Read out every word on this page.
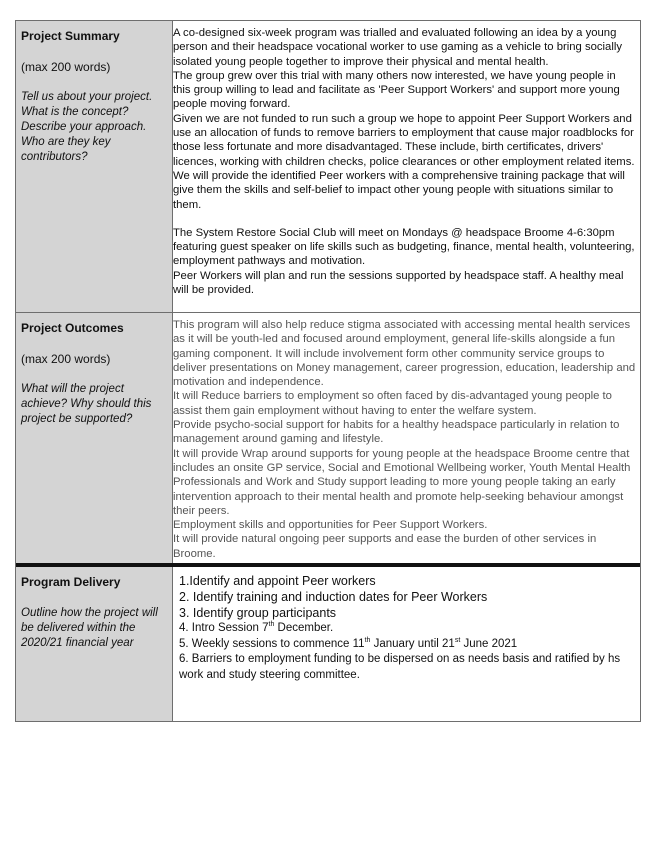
Project Summary
(max 200 words)
Tell us about your project. What is the concept? Describe your approach. Who are they key contributors?

A co-designed six-week program was trialled and evaluated following an idea by a young person and their headspace vocational worker to use gaming as a vehicle to bring socially isolated young people together to improve their physical and mental health.

The group grew over this trial with many others now interested, we have young people in this group willing to lead and facilitate as 'Peer Support Workers' and support more young people moving forward.

Given we are not funded to run such a group we hope to appoint Peer Support Workers and use an allocation of funds to remove barriers to employment that cause major roadblocks for those less fortunate and more disadvantaged. These include, birth certificates, drivers' licences, working with children checks, police clearances or other employment related items.

We will provide the identified Peer workers with a comprehensive training package that will give them the skills and self-belief to impact other young people with situations similar to them.

The System Restore Social Club will meet on Mondays @ headspace Broome 4-6:30pm featuring guest speaker on life skills such as budgeting, finance, mental health, volunteering, employment pathways and motivation.

Peer Workers will plan and run the sessions supported by headspace staff. A healthy meal will be provided.

Project Outcomes
(max 200 words)
What will the project achieve? Why should this project be supported?

This program will also help reduce stigma associated with accessing mental health services as it will be youth-led and focused around employment, general life-skills alongside a fun gaming component. It will include involvement form other community service groups to deliver presentations on Money management, career progression, education, leadership and motivation and independence.

It will Reduce barriers to employment so often faced by dis-advantaged young people to assist them gain employment without having to enter the welfare system.

Provide psycho-social support for habits for a healthy headspace particularly in relation to management around gaming and lifestyle.

It will provide Wrap around supports for young people at the headspace Broome centre that includes an onsite GP service, Social and Emotional Wellbeing worker, Youth Mental Health Professionals and Work and Study support leading to more young people taking an early intervention approach to their mental health and promote help-seeking behaviour amongst their peers.

Employment skills and opportunities for Peer Support Workers.

It will provide natural ongoing peer supports and ease the burden of other services in Broome.

Program Delivery
Outline how the project will be delivered within the 2020/21 financial year

1.Identify and appoint Peer workers

2. Identify training and induction dates for Peer Workers

3. Identify group participants

4. Intro Session 7th December.

5. Weekly sessions to commence 11th January until 21st June 2021

6. Barriers to employment funding to be dispersed on as needs basis and ratified by hs work and study steering committee.
